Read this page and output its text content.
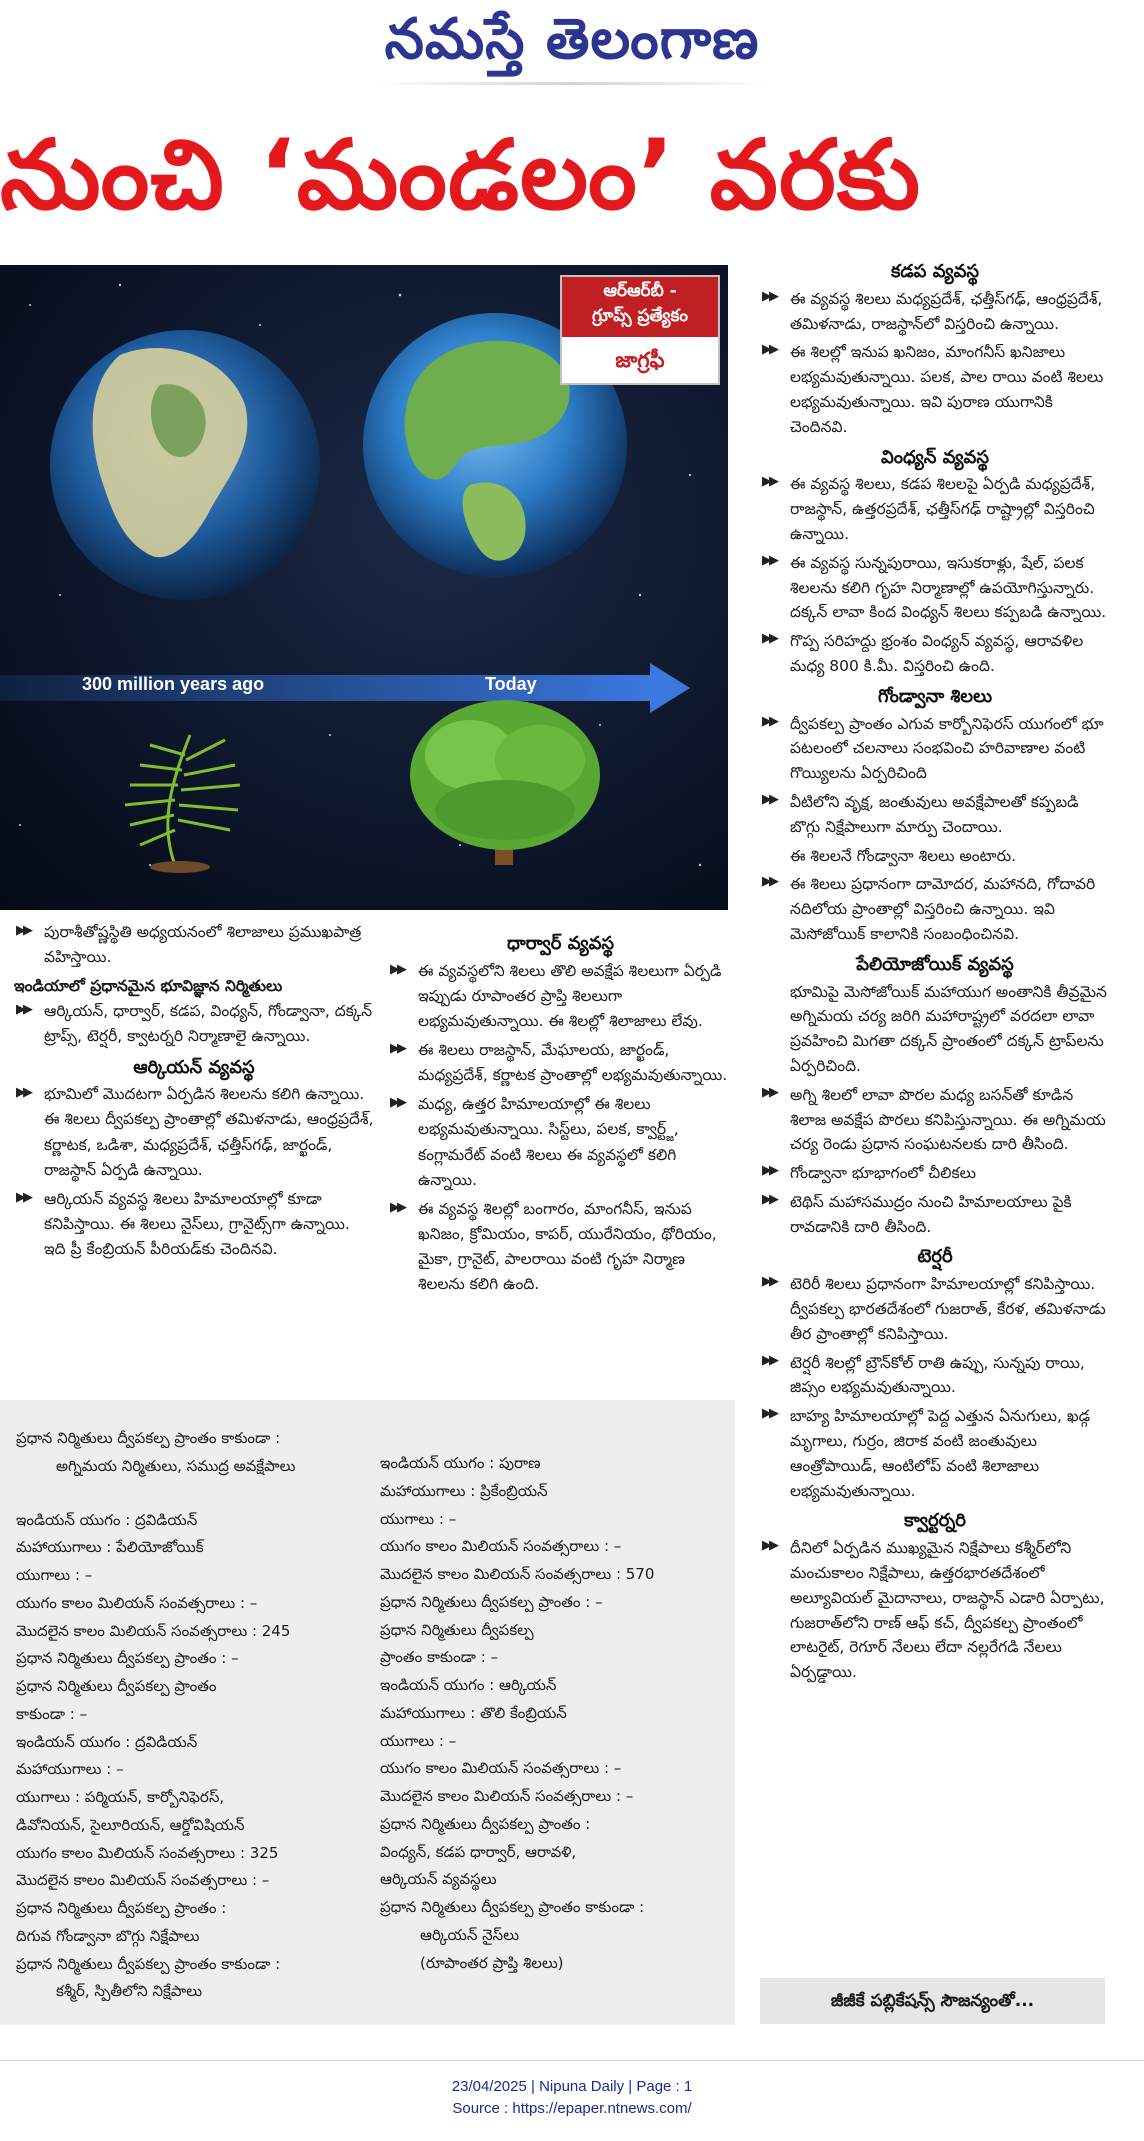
నమస్తే తెలంగాణ
నుంచి ‘మండలం’ వరకు
300 million years ago	Today
ఆర్ఆర్‌బీ -
గ్రూప్స్ ప్రత్యేకం
జాగ్రఫీ
కడప వ్యవస్థ
▶▶
ఈ వ్యవస్థ శిలలు మధ్యప్రదేశ్, ఛత్తీస్‌గఢ్, ఆంధ్రప్రదేశ్, తమిళనాడు, రాజస్థాన్‌లో విస్తరించి ఉన్నాయి.
▶▶
ఈ శిలల్లో ఇనుప ఖనిజం, మాంగనీస్ ఖనిజాలు లభ్యమవుతున్నాయి. పలక, పాల రాయి వంటి శిలలు లభ్యమవుతున్నాయి. ఇవి పురాణ యుగానికి చెందినవి.
వింధ్యన్ వ్యవస్థ
▶▶
ఈ వ్యవస్థ శిలలు, కడప శిలలపై ఏర్పడి మధ్యప్రదేశ్, రాజస్థాన్, ఉత్తరప్రదేశ్, ఛత్తీస్‌గఢ్ రాష్ట్రాల్లో విస్తరించి ఉన్నాయి.
▶▶
ఈ వ్యవస్థ సున్నపురాయి, ఇసుకరాళ్లు, షేల్, పలక శిలలను కలిగి గృహ నిర్మాణాల్లో ఉపయోగిస్తున్నారు. దక్కన్ లావా కింద వింధ్యన్ శిలలు కప్పబడి ఉన్నాయి.
▶▶
గొప్ప సరిహద్దు భ్రంశం వింధ్యన్ వ్యవస్థ, ఆరావళిల మధ్య 800 కి.మీ. విస్తరించి ఉంది.
గోండ్వానా శిలలు
▶▶
ద్వీపకల్ప ప్రాంతం ఎగువ కార్బోనిఫెరస్ యుగంలో భూ పటలంలో చలనాలు సంభవించి హరివాణాల వంటి గొయ్యిలను ఏర్పరిచింది
▶▶
వీటిలోని వృక్ష, జంతువులు అవక్షేపాలతో కప్పబడి బొగ్గు నిక్షేపాలుగా మార్పు చెందాయి.
ఈ శిలలనే గోండ్వానా శిలలు అంటారు.
▶▶
ఈ శిలలు ప్రధానంగా దామోదర, మహానది, గోదావరి నదిలోయ ప్రాంతాల్లో విస్తరించి ఉన్నాయి. ఇవి మెసోజోయిక్ కాలానికి సంబంధించినవి.
పేలియోజోయిక్ వ్యవస్థ
భూమిపై మెసోజోయిక్ మహాయుగ అంతానికి తీవ్రమైన అగ్నిమయ చర్య జరిగి మహారాష్ట్రలో వరదలా లావా ప్రవహించి మిగతా దక్కన్ ప్రాంతంలో దక్కన్ ట్రాప్‌లను ఏర్పరిచింది.
▶▶
అగ్ని శిలలో లావా పొరల మధ్య బసన్‌తో కూడిన శిలాజ అవక్షేప పొరలు కనిపిస్తున్నాయి. ఈ అగ్నిమయ చర్య రెండు ప్రధాన సంఘటనలకు దారి తీసింది.
▶▶
గోండ్వానా భూభాగంలో చీలికలు
▶▶
టెథిస్ మహాసముద్రం నుంచి హిమాలయాలు పైకి రావడానికి దారి తీసింది.
టెర్షరీ
▶▶
టెరిరీ శిలలు ప్రధానంగా హిమాలయాల్లో కనిపిస్తాయి. ద్వీపకల్ప భారతదేశంలో గుజరాత్, కేరళ, తమిళనాడు తీర ప్రాంతాల్లో కనిపిస్తాయి.
▶▶
టెర్షరీ శిలల్లో బ్రౌన్‌కోల్ రాతి ఉప్పు, సున్నపు రాయి, జిప్సం లభ్యమవుతున్నాయి.
▶▶
బాహ్య హిమాలయాల్లో పెద్ద ఎత్తున ఏనుగులు, ఖడ్గ మృగాలు, గుర్రం, జిరాక వంటి జంతువులు ఆంత్రోపాయిడ్, ఆంటిలోప్ వంటి శిలాజాలు లభ్యమవుతున్నాయి.
క్వార్టర్నరి
▶▶
దీనిలో ఏర్పడిన ముఖ్యమైన నిక్షేపాలు కశ్మీర్‌లోని మంచుకాలం నిక్షేపాలు, ఉత్తరభారతదేశంలో అల్యూవియల్ మైదానాలు, రాజస్థాన్ ఎడారి ఏర్పాటు, గుజరాత్‌లోని రాణ్ ఆఫ్ కచ్, ద్వీపకల్ప ప్రాంతంలో లాటరైట్, రెగూర్ నేలలు లేదా నల్లరేగడి నేలలు ఏర్పడ్డాయి.
▶▶
పురాశీతోష్ణస్థితి అధ్యయనంలో శిలాజాలు ప్రముఖపాత్ర వహిస్తాయి.
ఇండియాలో ప్రధానమైన భూవిజ్ఞాన నిర్మితులు
▶▶
ఆర్కియన్, ధార్వార్, కడప, వింధ్యన్, గోండ్వానా, దక్కన్ ట్రాప్స్, టెర్షరీ, క్వాటర్నరి నిర్మాణాలై ఉన్నాయి.
ఆర్కియన్ వ్యవస్థ
▶▶
భూమిలో మొదటగా ఏర్పడిన శిలలను కలిగి ఉన్నాయి. ఈ శిలలు ద్వీపకల్ప ప్రాంతాల్లో తమిళనాడు, ఆంధ్రప్రదేశ్, కర్ణాటక, ఒడిశా, మధ్యప్రదేశ్, ఛత్తీస్‌గఢ్, జార్ఖండ్, రాజస్థాన్ ఏర్పడి ఉన్నాయి.
▶▶
ఆర్కియన్ వ్యవస్థ శిలలు హిమాలయాల్లో కూడా కనిపిస్తాయి. ఈ శిలలు నైస్‌లు, గ్రానైట్స్‌గా ఉన్నాయి. ఇది ప్రీ కేంబ్రియన్ పీరియడ్‌కు చెందినవి.
ధార్వార్ వ్యవస్థ
▶▶
ఈ వ్యవస్థలోని శిలలు తొలి అవక్షేప శిలలుగా ఏర్పడి ఇప్పుడు రూపాంతర ప్రాప్తి శిలలుగా లభ్యమవుతున్నాయి. ఈ శిలల్లో శిలాజాలు లేవు.
▶▶
ఈ శిలలు రాజస్థాన్, మేఘాలయ, జార్ఖండ్, మధ్యప్రదేశ్, కర్ణాటక ప్రాంతాల్లో లభ్యమవుతున్నాయి.
▶▶
మధ్య, ఉత్తర హిమాలయాల్లో ఈ శిలలు లభ్యమవుతున్నాయి. సిస్ట్‌లు, పలక, క్వార్ట్జ్, కంగ్లామరేట్ వంటి శిలలు ఈ వ్యవస్థలో కలిగి ఉన్నాయి.
▶▶
ఈ వ్యవస్థ శిలల్లో బంగారం, మాంగనీస్, ఇనుప ఖనిజం, క్రోమియం, కాపర్, యురేనియం, థోరియం, మైకా, గ్రానైట్, పాలరాయి వంటి గృహ నిర్మాణ శిలలను కలిగి ఉంది.
ప్రధాన నిర్మితులు ద్వీపకల్ప ప్రాంతం కాకుండా :
అగ్నిమయ నిర్మితులు, సముద్ర అవక్షేపాలు
ఇండియన్ యుగం : ద్రవిడియన్
మహాయుగాలు : పేలియోజోయిక్
యుగాలు : –
యుగం కాలం మిలియన్ సంవత్సరాలు : –
మొదలైన కాలం మిలియన్ సంవత్సరాలు : 245
ప్రధాన నిర్మితులు ద్వీపకల్ప ప్రాంతం : –
ప్రధాన నిర్మితులు ద్వీపకల్ప ప్రాంతం
కాకుండా : –
ఇండియన్ యుగం : ద్రవిడియన్
మహాయుగాలు : –
యుగాలు : పర్మియన్, కార్బోనిఫెరస్,
డివోనియన్, సైలూరియన్, ఆర్డోవిషియన్
యుగం కాలం మిలియన్ సంవత్సరాలు : 325
మొదలైన కాలం మిలియన్ సంవత్సరాలు : –
ప్రధాన నిర్మితులు ద్వీపకల్ప ప్రాంతం :
దిగువ గోండ్వానా బొగ్గు నిక్షేపాలు
ప్రధాన నిర్మితులు ద్వీపకల్ప ప్రాంతం కాకుండా :
కశ్మీర్, స్పితీలోని నిక్షేపాలు
ఇండియన్ యుగం : పురాణ
మహాయుగాలు : ప్రికేంబ్రియన్
యుగాలు : –
యుగం కాలం మిలియన్ సంవత్సరాలు : –
మొదలైన కాలం మిలియన్ సంవత్సరాలు : 570
ప్రధాన నిర్మితులు ద్వీపకల్ప ప్రాంతం : –
ప్రధాన నిర్మితులు ద్వీపకల్ప
ప్రాంతం కాకుండా : –
ఇండియన్ యుగం : ఆర్కియన్
మహాయుగాలు : తొలి కేంబ్రియన్
యుగాలు : –
యుగం కాలం మిలియన్ సంవత్సరాలు : –
మొదలైన కాలం మిలియన్ సంవత్సరాలు : –
ప్రధాన నిర్మితులు ద్వీపకల్ప ప్రాంతం :
వింధ్యన్, కడప ధార్వార్, ఆరావళి,
ఆర్కియన్ వ్యవస్థలు
ప్రధాన నిర్మితులు ద్వీపకల్ప ప్రాంతం కాకుండా :
ఆర్కియన్ నైస్‌లు
(రూపాంతర ప్రాప్తి శిలలు)
జీజీకే పబ్లికేషన్స్ సౌజన్యంతో...
23/04/2025 | Nipuna Daily | Page : 1
Source : https://epaper.ntnews.com/
